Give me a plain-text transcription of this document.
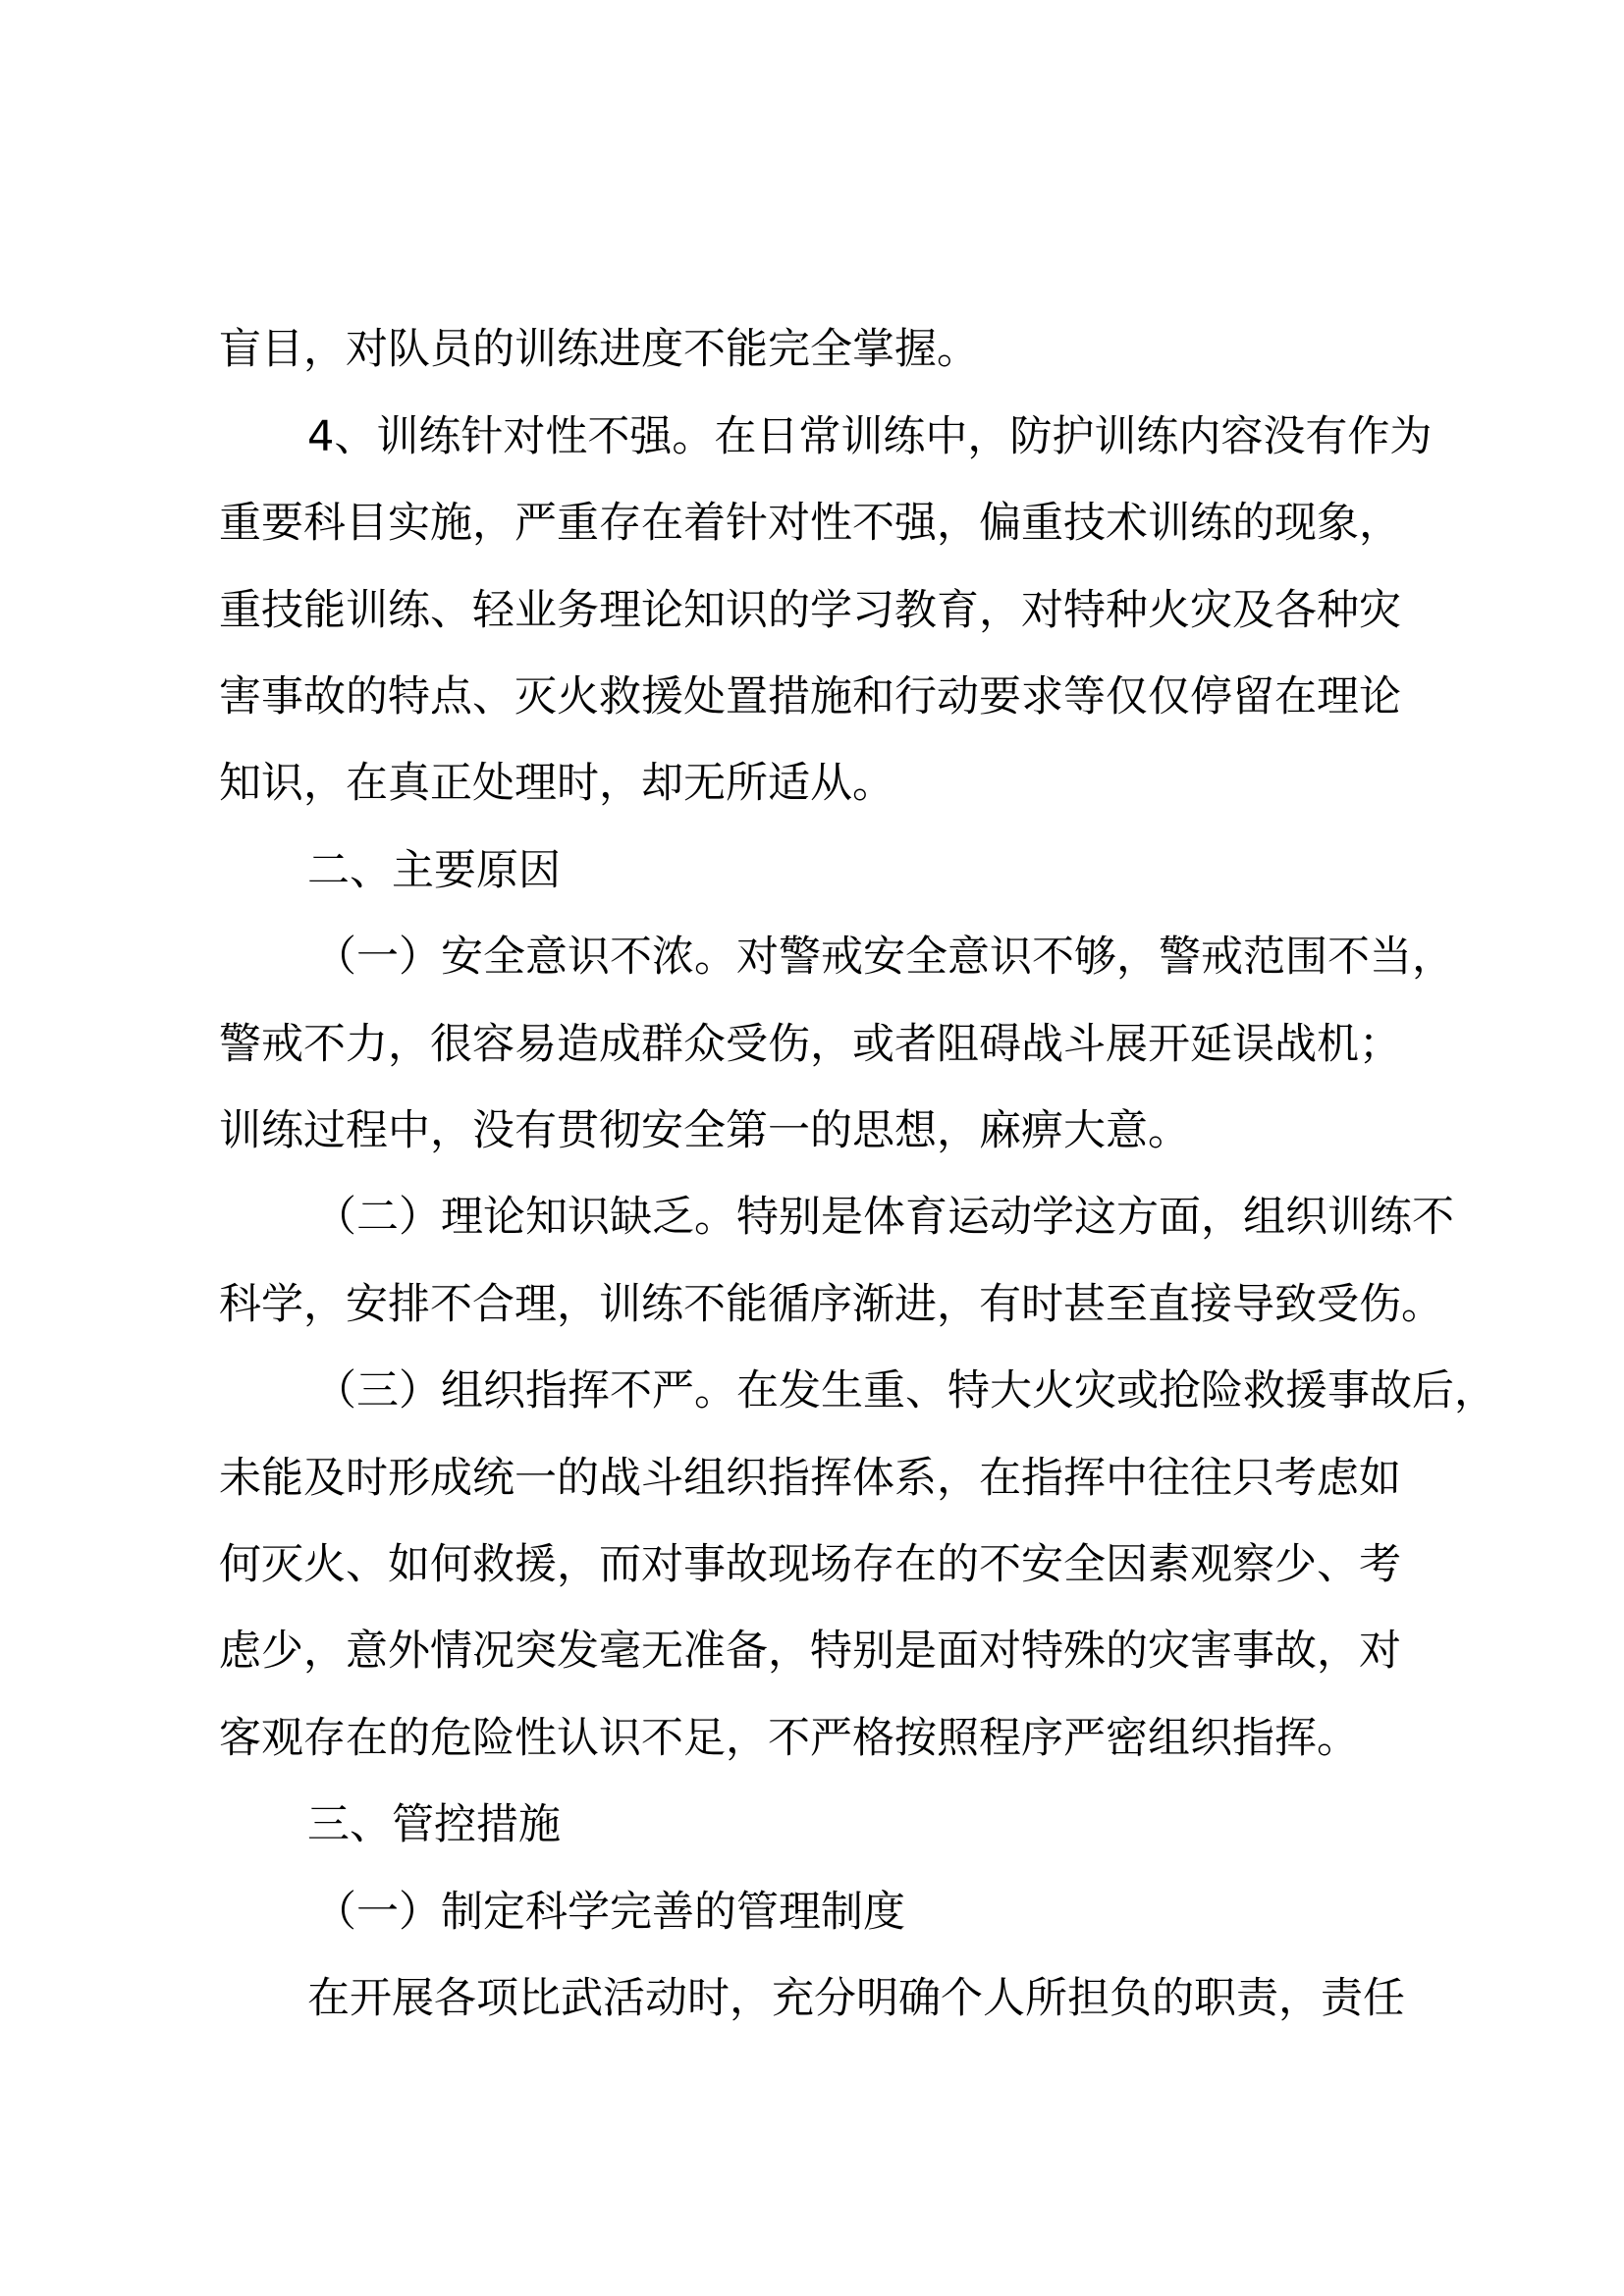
盲目，对队员的训练进度不能完全掌握。
4、训练针对性不强。在日常训练中，防护训练内容没有作为
重要科目实施，严重存在着针对性不强，偏重技术训练的现象，
重技能训练、轻业务理论知识的学习教育，对特种火灾及各种灾
害事故的特点、灭火救援处置措施和行动要求等仅仅停留在理论
知识，在真正处理时，却无所适从。
二、主要原因
（一）安全意识不浓。对警戒安全意识不够，警戒范围不当，
警戒不力，很容易造成群众受伤，或者阻碍战斗展开延误战机；
训练过程中，没有贯彻安全第一的思想，麻痹大意。
（二）理论知识缺乏。特别是体育运动学这方面，组织训练不
科学，安排不合理，训练不能循序渐进，有时甚至直接导致受伤。
（三）组织指挥不严。在发生重、特大火灾或抢险救援事故后，
未能及时形成统一的战斗组织指挥体系，在指挥中往往只考虑如
何灭火、如何救援，而对事故现场存在的不安全因素观察少、考
虑少，意外情况突发毫无准备，特别是面对特殊的灾害事故，对
客观存在的危险性认识不足，不严格按照程序严密组织指挥。
三、管控措施
（一）制定科学完善的管理制度
在开展各项比武活动时，充分明确个人所担负的职责，责任
